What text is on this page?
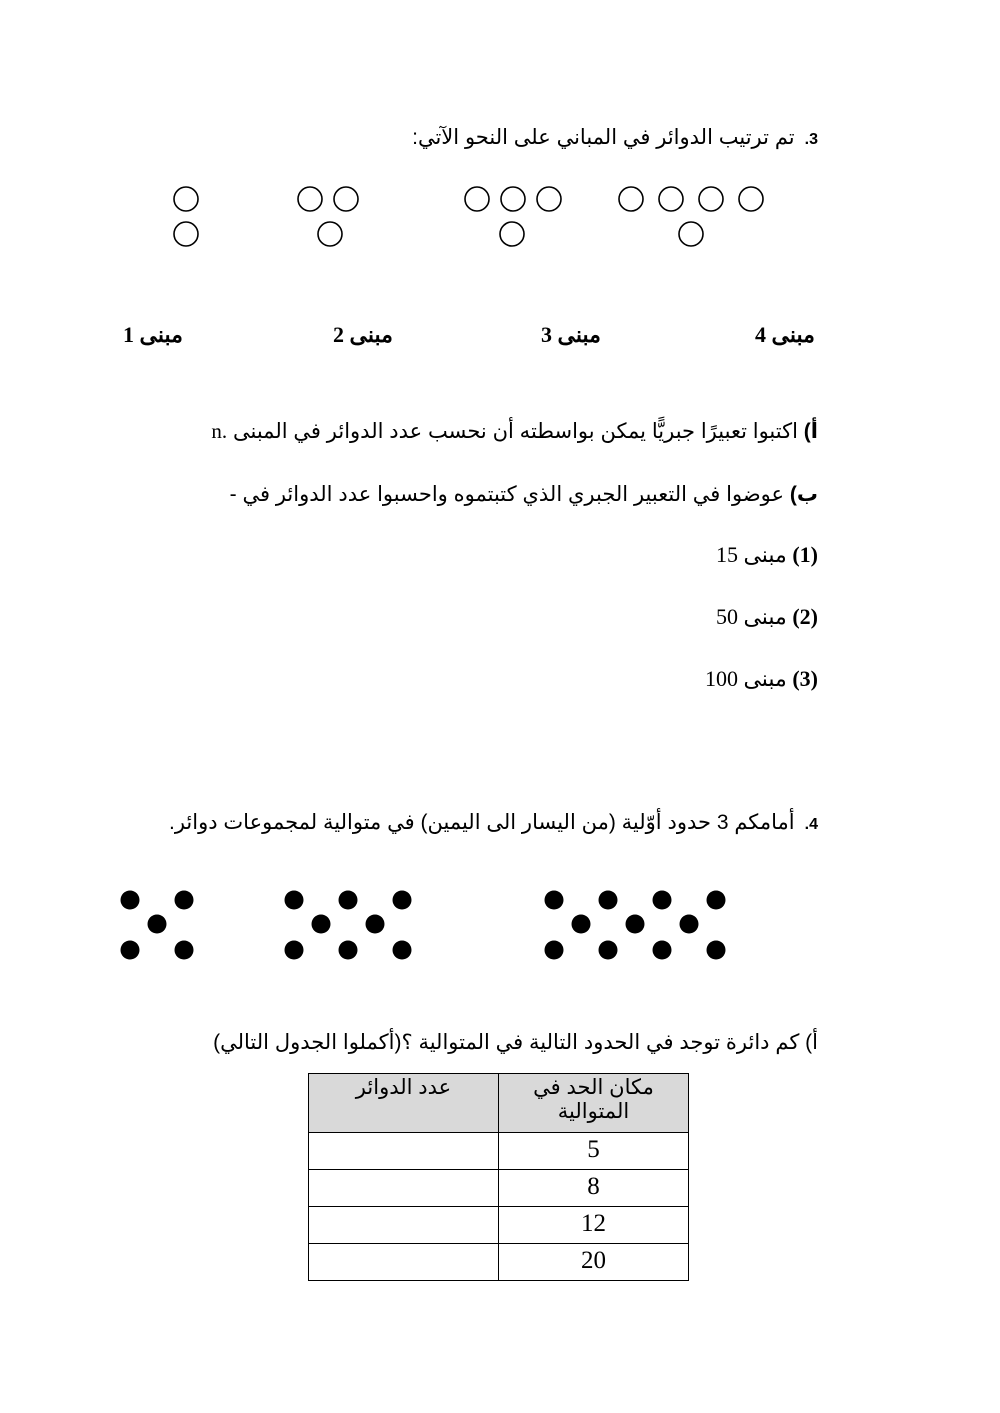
3.تم ترتيب الدوائر في المباني على النحو الآتي:
مبنى 1	مبنى 2	مبنى 3	مبنى 4
أ) اكتبوا تعبيرًا جبريًّا يمكن بواسطته أن نحسب عدد الدوائر في المبنى n.
ب) عوضوا في التعبير الجبري الذي كتبتموه واحسبوا عدد الدوائر في -
(1) مبنى 15
(2) مبنى 50
(3) مبنى 100
4.أمامكم 3 حدود أوّلية (من اليسار الى اليمين) في متوالية لمجموعات دوائر.
أ) كم دائرة توجد في الحدود التالية في المتوالية ؟(أكملوا الجدول التالي)
مكان الحد في المتوالية	عدد الدوائر
5	
8	
12	
20	
